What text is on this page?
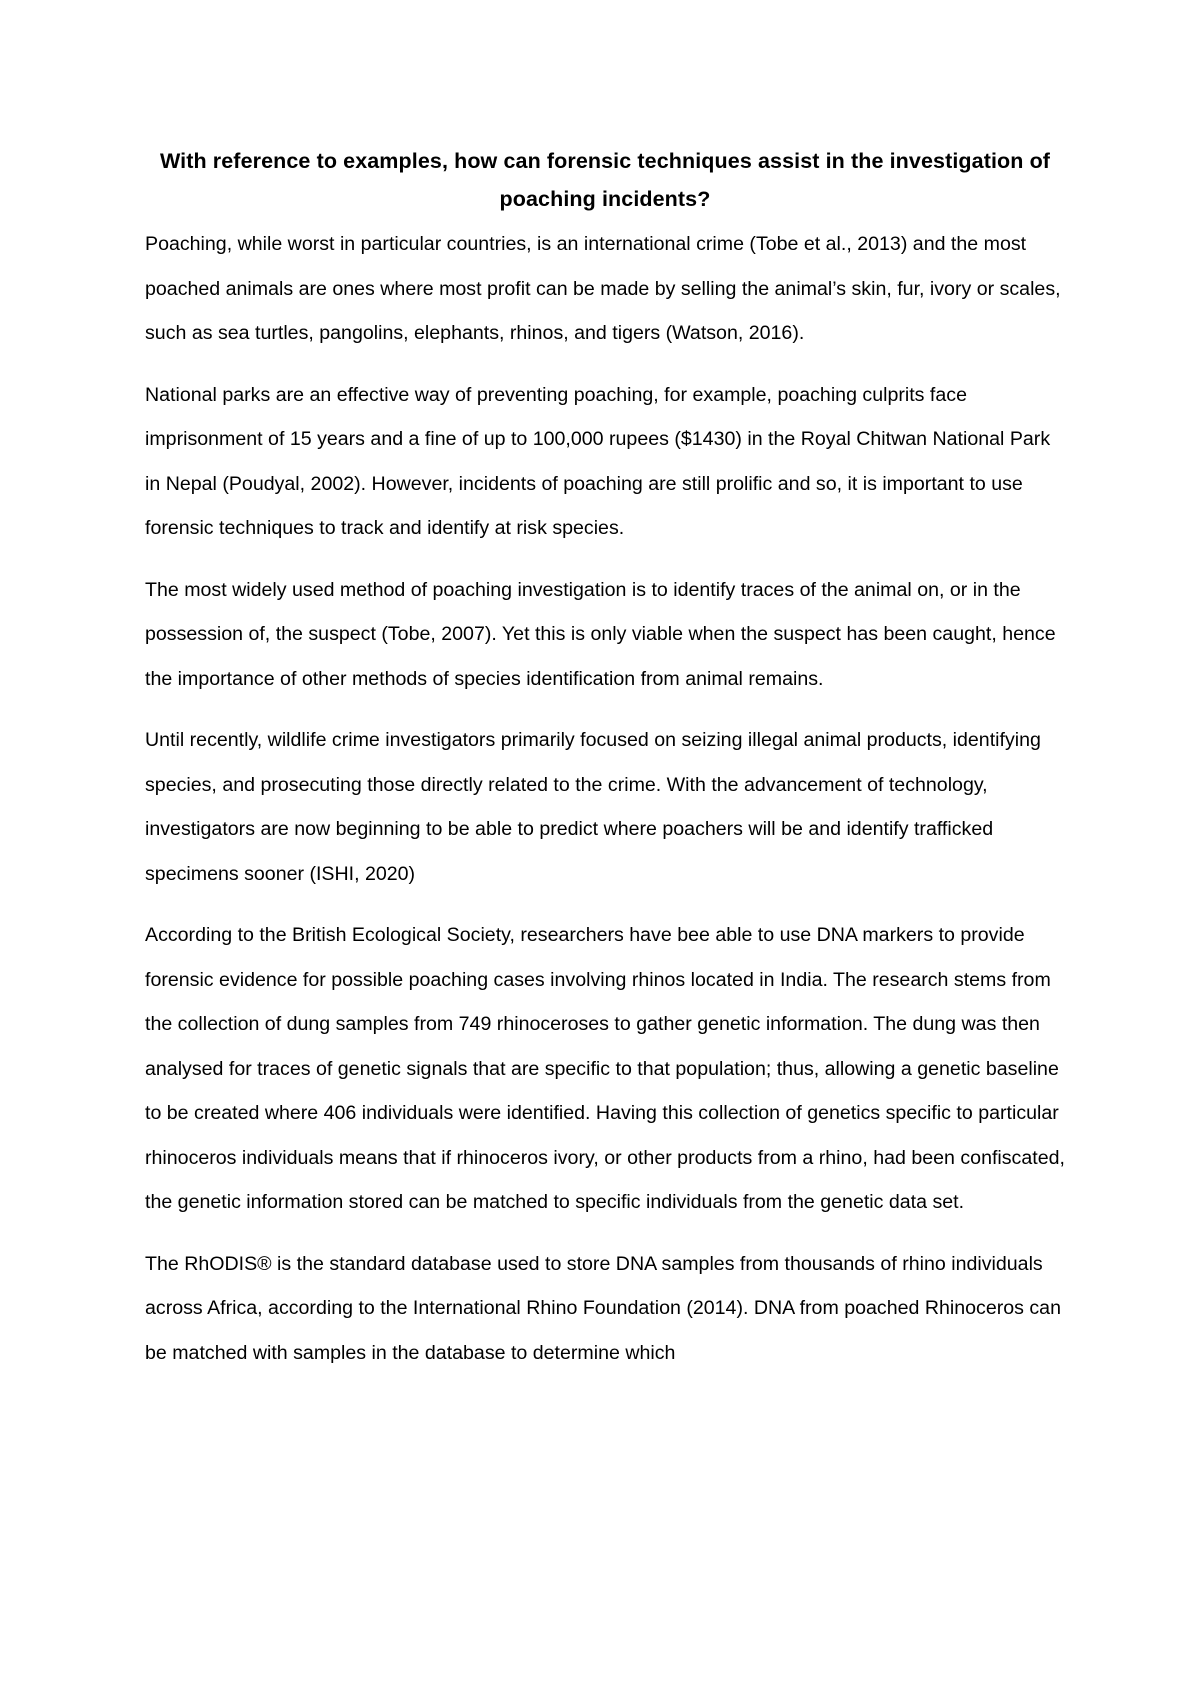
With reference to examples, how can forensic techniques assist in the investigation of poaching incidents?

Poaching, while worst in particular countries, is an international crime (Tobe et al., 2013) and the most poached animals are ones where most profit can be made by selling the animal’s skin, fur, ivory or scales, such as sea turtles, pangolins, elephants, rhinos, and tigers (Watson, 2016).

National parks are an effective way of preventing poaching, for example, poaching culprits face imprisonment of 15 years and a fine of up to 100,000 rupees ($1430) in the Royal Chitwan National Park in Nepal (Poudyal, 2002). However, incidents of poaching are still prolific and so, it is important to use forensic techniques to track and identify at risk species.

The most widely used method of poaching investigation is to identify traces of the animal on, or in the possession of, the suspect (Tobe, 2007). Yet this is only viable when the suspect has been caught, hence the importance of other methods of species identification from animal remains.

Until recently, wildlife crime investigators primarily focused on seizing illegal animal products, identifying species, and prosecuting those directly related to the crime. With the advancement of technology, investigators are now beginning to be able to predict where poachers will be and identify trafficked specimens sooner (ISHI, 2020)

According to the British Ecological Society, researchers have bee able to use DNA markers to provide forensic evidence for possible poaching cases involving rhinos located in India. The research stems from the collection of dung samples from 749 rhinoceroses to gather genetic information. The dung was then analysed for traces of genetic signals that are specific to that population; thus, allowing a genetic baseline to be created where 406 individuals were identified. Having this collection of genetics specific to particular rhinoceros individuals means that if rhinoceros ivory, or other products from a rhino, had been confiscated, the genetic information stored can be matched to specific individuals from the genetic data set.

The RhODIS® is the standard database used to store DNA samples from thousands of rhino individuals across Africa, according to the International Rhino Foundation (2014). DNA from poached Rhinoceros can be matched with samples in the database to determine which
